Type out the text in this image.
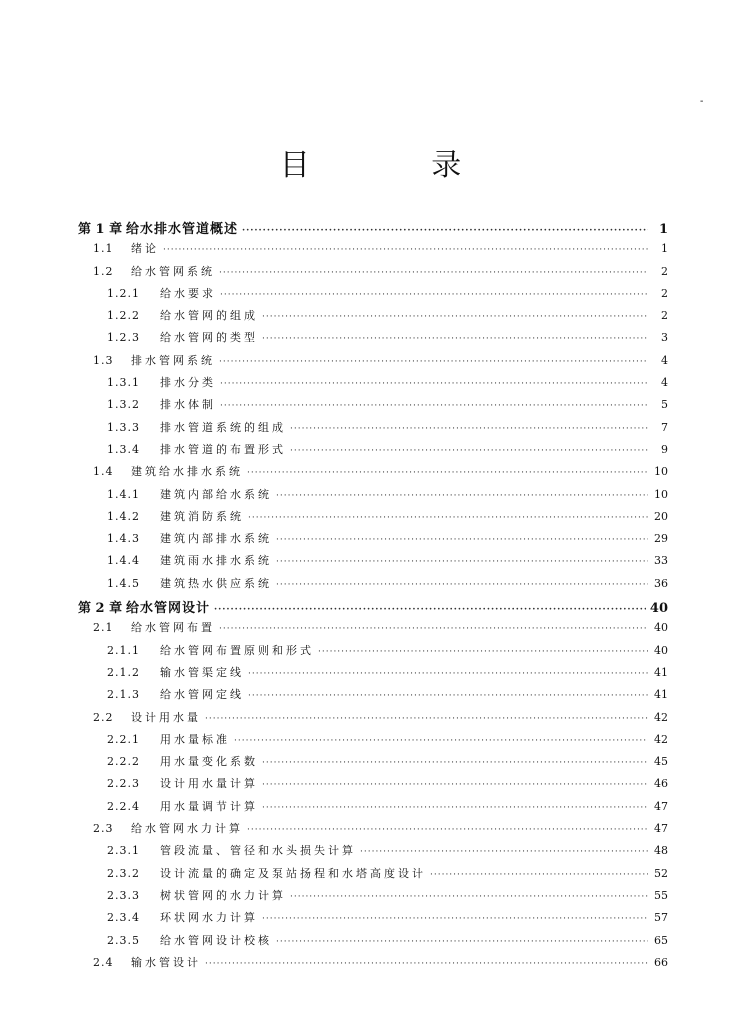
目 录
-
第 1 章 给水排水管道概述 ·····	1
1.1	绪论 ·····	1
1.2	给水管网系统 ·····	2
1.2.1	给水要求 ·····	2
1.2.2	给水管网的组成 ·····	2
1.2.3	给水管网的类型 ·····	3
1.3	排水管网系统 ·····	4
1.3.1	排水分类 ·····	4
1.3.2	排水体制 ·····	5
1.3.3	排水管道系统的组成 ·····	7
1.3.4	排水管道的布置形式 ·····	9
1.4	建筑给水排水系统 ·····	10
1.4.1	建筑内部给水系统 ·····	10
1.4.2	建筑消防系统 ·····	20
1.4.3	建筑内部排水系统 ·····	29
1.4.4	建筑雨水排水系统 ·····	33
1.4.5	建筑热水供应系统 ·····	36
第 2 章 给水管网设计 ·····	40
2.1	给水管网布置 ·····	40
2.1.1	给水管网布置原则和形式 ·····	40
2.1.2	输水管渠定线 ·····	41
2.1.3	给水管网定线 ·····	41
2.2	设计用水量 ·····	42
2.2.1	用水量标准 ·····	42
2.2.2	用水量变化系数 ·····	45
2.2.3	设计用水量计算 ·····	46
2.2.4	用水量调节计算 ·····	47
2.3	给水管网水力计算 ·····	47
2.3.1	管段流量、管径和水头损失计算 ·····	48
2.3.2	设计流量的确定及泵站扬程和水塔高度设计 ·····	52
2.3.3	树状管网的水力计算 ·····	55
2.3.4	环状网水力计算 ·····	57
2.3.5	给水管网设计校核 ·····	65
2.4	输水管设计 ·····	66
